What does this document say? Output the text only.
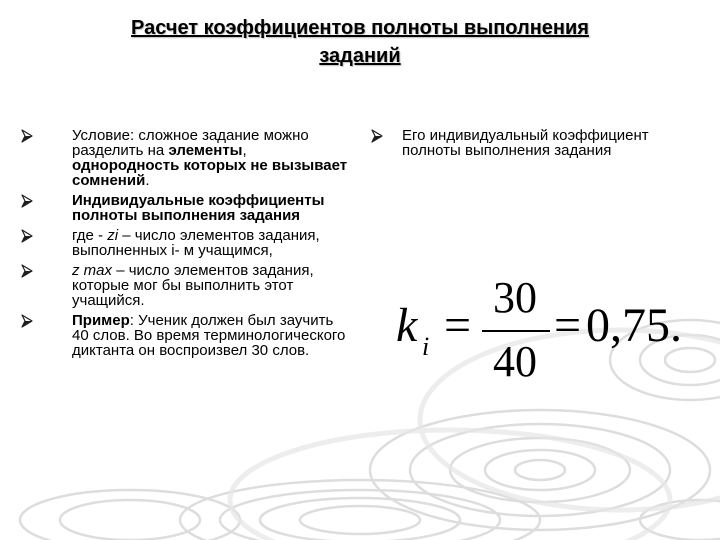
Расчет коэффициентов полноты выполнения
заданий
Условие: сложное задание можно разделить на элементы, однородность которых не вызывает сомнений.
Индивидуальные коэффициенты полноты выполнения задания
где - zi – число элементов задания, выполненных i- м учащимся,
z max – число элементов задания, которые мог бы выполнить этот учащийся.
Пример: Ученик должен был заучить 40 слов. Во время терминологического диктанта он воспроизвел 30 слов.
Его индивидуальный коэффициент полноты выполнения задания
k i =
30
40
= 0,75.
